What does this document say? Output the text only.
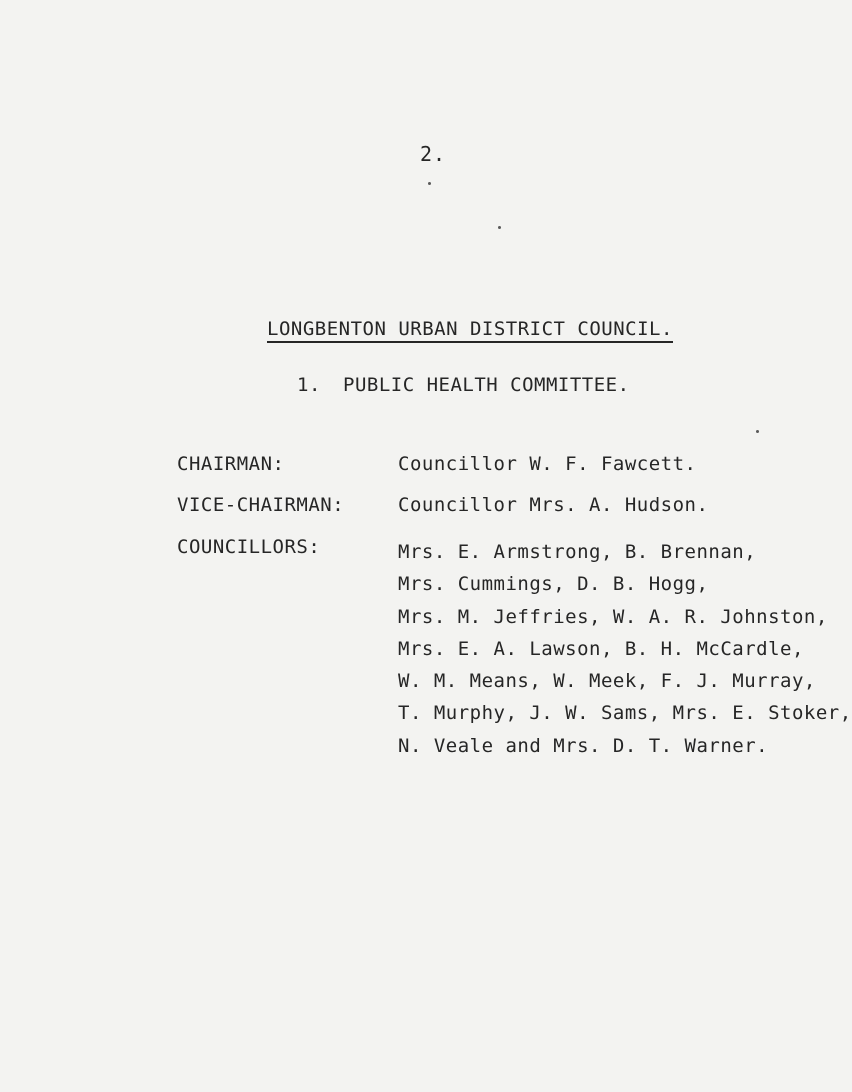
2.
LONGBENTON URBAN DISTRICT COUNCIL.
1. PUBLIC HEALTH COMMITTEE.
CHAIRMAN:	Councillor W. F. Fawcett.
VICE-CHAIRMAN:	Councillor Mrs. A. Hudson.
COUNCILLORS:	Mrs. E. Armstrong, B. Brennan,
Mrs. Cummings, D. B. Hogg,
Mrs. M. Jeffries, W. A. R. Johnston,
Mrs. E. A. Lawson, B. H. McCardle,
W. M. Means, W. Meek, F. J. Murray,
T. Murphy, J. W. Sams, Mrs. E. Stoker,
N. Veale and Mrs. D. T. Warner.
